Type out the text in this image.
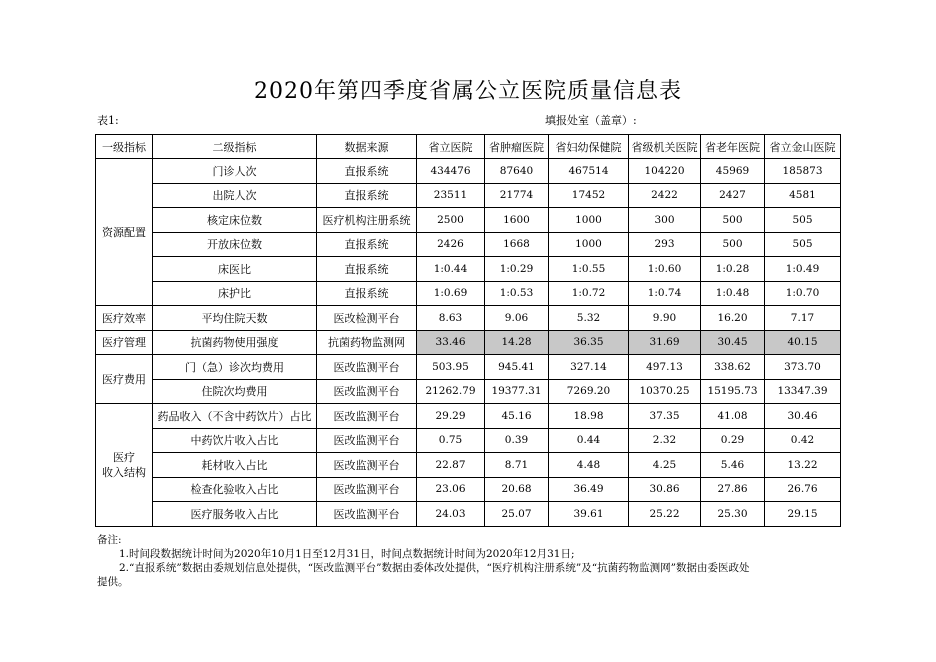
2020年第四季度省属公立医院质量信息表
表1:	填报处室（盖章）:
一级指标	二级指标	数据来源	省立医院	省肿瘤医院	省妇幼保健院	省级机关医院	省老年医院	省立金山医院
资源配置	门诊人次	直报系统	434476	87640	467514	104220	45969	185873
	出院人次	直报系统	23511	21774	17452	2422	2427	4581
	核定床位数	医疗机构注册系统	2500	1600	1000	300	500	505
	开放床位数	直报系统	2426	1668	1000	293	500	505
	床医比	直报系统	1:0.44	1:0.29	1:0.55	1:0.60	1:0.28	1:0.49
	床护比	直报系统	1:0.69	1:0.53	1:0.72	1:0.74	1:0.48	1:0.70
医疗效率	平均住院天数	医改检测平台	8.63	9.06	5.32	9.90	16.20	7.17
医疗管理	抗菌药物使用强度	抗菌药物监测网	33.46	14.28	36.35	31.69	30.45	40.15
医疗费用	门（急）诊次均费用	医改监测平台	503.95	945.41	327.14	497.13	338.62	373.70
	住院次均费用	医改监测平台	21262.79	19377.31	7269.20	10370.25	15195.73	13347.39
医疗
收入结构	药品收入（不含中药饮片）占比	医改监测平台	29.29	45.16	18.98	37.35	41.08	30.46
	中药饮片收入占比	医改监测平台	0.75	0.39	0.44	2.32	0.29	0.42
	耗材收入占比	医改监测平台	22.87	8.71	4.48	4.25	5.46	13.22
	检查化验收入占比	医改监测平台	23.06	20.68	36.49	30.86	27.86	26.76
	医疗服务收入占比	医改监测平台	24.03	25.07	39.61	25.22	25.30	29.15
备注:
1.时间段数据统计时间为2020年10月1日至12月31日，时间点数据统计时间为2020年12月31日;
2.“直报系统”数据由委规划信息处提供，“医改监测平台”数据由委体改处提供，“医疗机构注册系统”及“抗菌药物监测网”数据由委医政处
提供。
